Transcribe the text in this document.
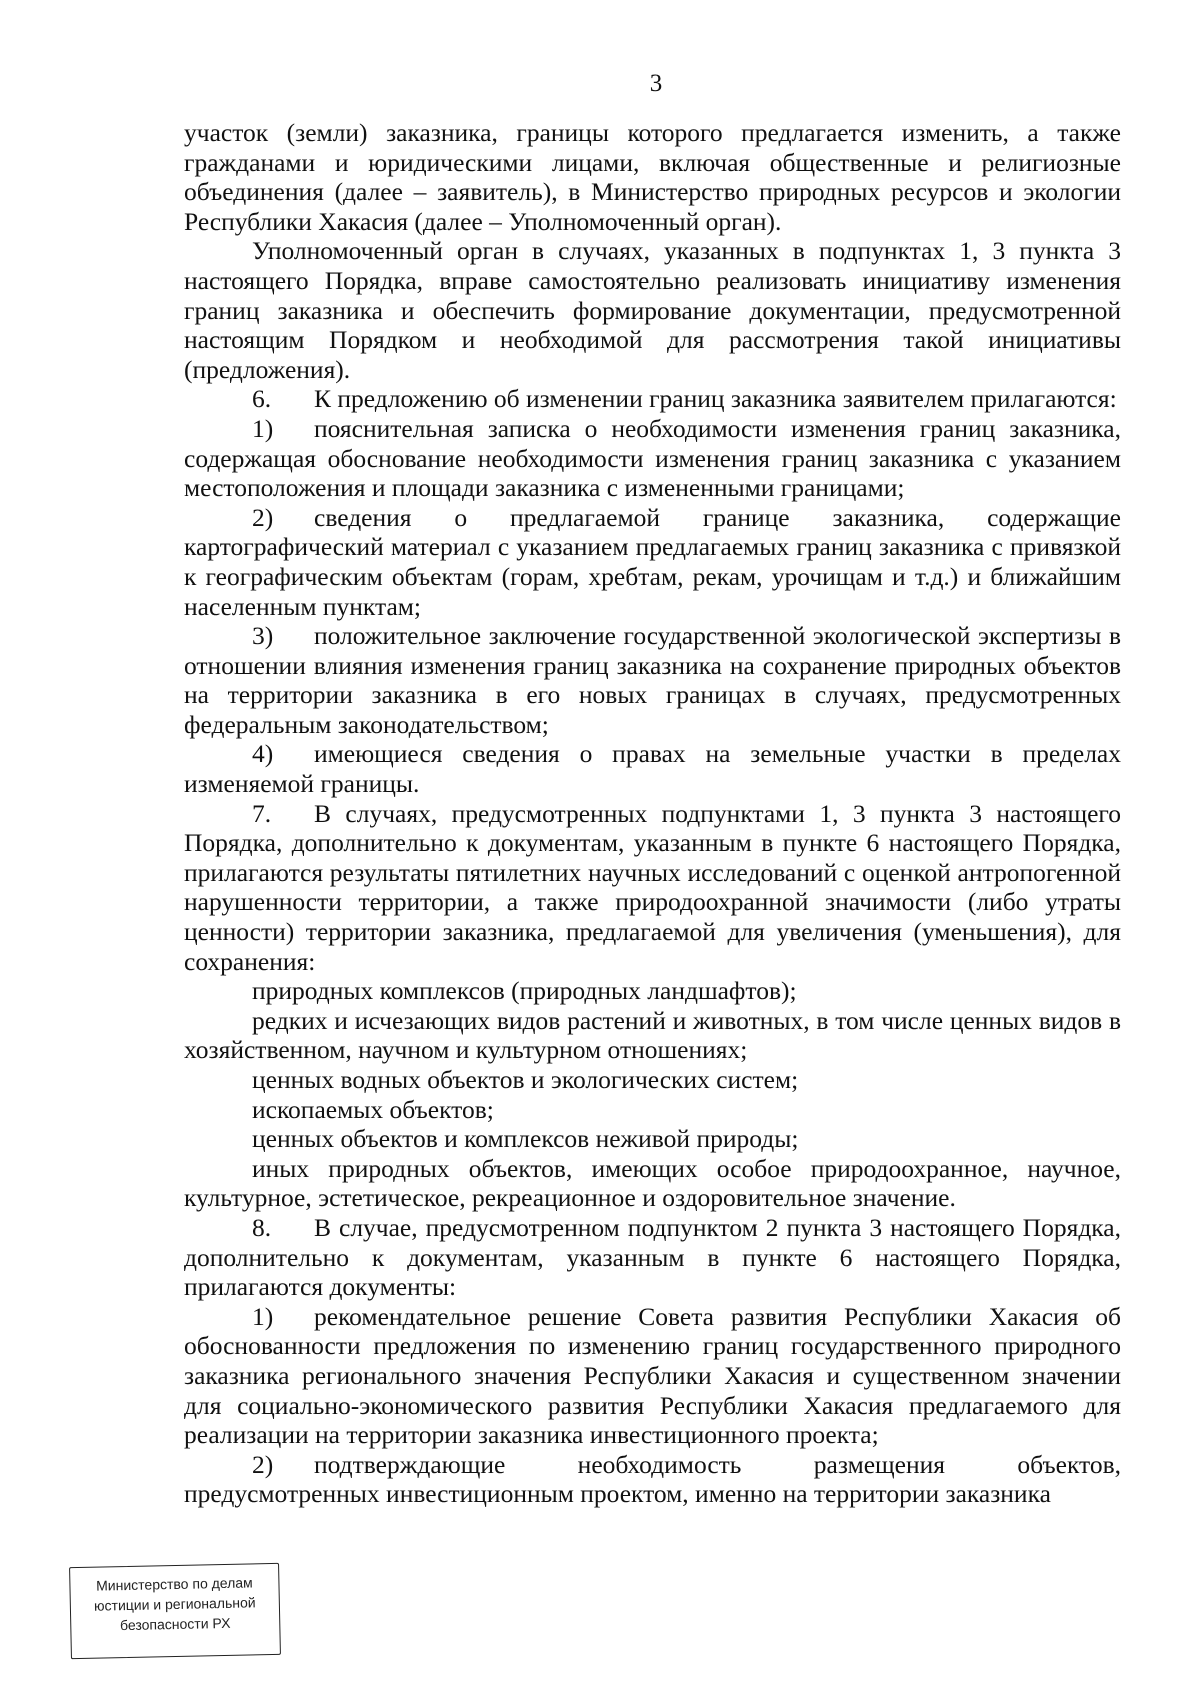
3

участок (земли) заказника, границы которого предлагается изменить, а также гражданами и юридическими лицами, включая общественные и религиозные объединения (далее – заявитель), в Министерство природных ресурсов и экологии Республики Хакасия (далее – Уполномоченный орган).

Уполномоченный орган в случаях, указанных в подпунктах 1, 3 пункта 3 настоящего Порядка, вправе самостоятельно реализовать инициативу изменения границ заказника и обеспечить формирование документации, предусмотренной настоящим Порядком и необходимой для рассмотрения такой инициативы (предложения).

6. К предложению об изменении границ заказника заявителем прилагаются:

1) пояснительная записка о необходимости изменения границ заказника, содержащая обоснование необходимости изменения границ заказника с указанием местоположения и площади заказника с измененными границами;

2) сведения о предлагаемой границе заказника, содержащие картографический материал с указанием предлагаемых границ заказника с привязкой к географическим объектам (горам, хребтам, рекам, урочищам и т.д.) и ближайшим населенным пунктам;

3) положительное заключение государственной экологической экспертизы в отношении влияния изменения границ заказника на сохранение природных объектов на территории заказника в его новых границах в случаях, предусмотренных федеральным законодательством;

4) имеющиеся сведения о правах на земельные участки в пределах изменяемой границы.

7. В случаях, предусмотренных подпунктами 1, 3 пункта 3 настоящего Порядка, дополнительно к документам, указанным в пункте 6 настоящего Порядка, прилагаются результаты пятилетних научных исследований с оценкой антропогенной нарушенности территории, а также природоохранной значимости (либо утраты ценности) территории заказника, предлагаемой для увеличения (уменьшения), для сохранения:

природных комплексов (природных ландшафтов);

редких и исчезающих видов растений и животных, в том числе ценных видов в хозяйственном, научном и культурном отношениях;

ценных водных объектов и экологических систем;

ископаемых объектов;

ценных объектов и комплексов неживой природы;

иных природных объектов, имеющих особое природоохранное, научное, культурное, эстетическое, рекреационное и оздоровительное значение.

8. В случае, предусмотренном подпунктом 2 пункта 3 настоящего Порядка, дополнительно к документам, указанным в пункте 6 настоящего Порядка, прилагаются документы:

1) рекомендательное решение Совета развития Республики Хакасия об обоснованности предложения по изменению границ государственного природного заказника регионального значения Республики Хакасия и существенном значении для социально-экономического развития Республики Хакасия предлагаемого для реализации на территории заказника инвестиционного проекта;

2) подтверждающие необходимость размещения объектов, предусмотренных инвестиционным проектом, именно на территории заказника

Министерство по делам
юстиции и региональной
безопасности РХ
